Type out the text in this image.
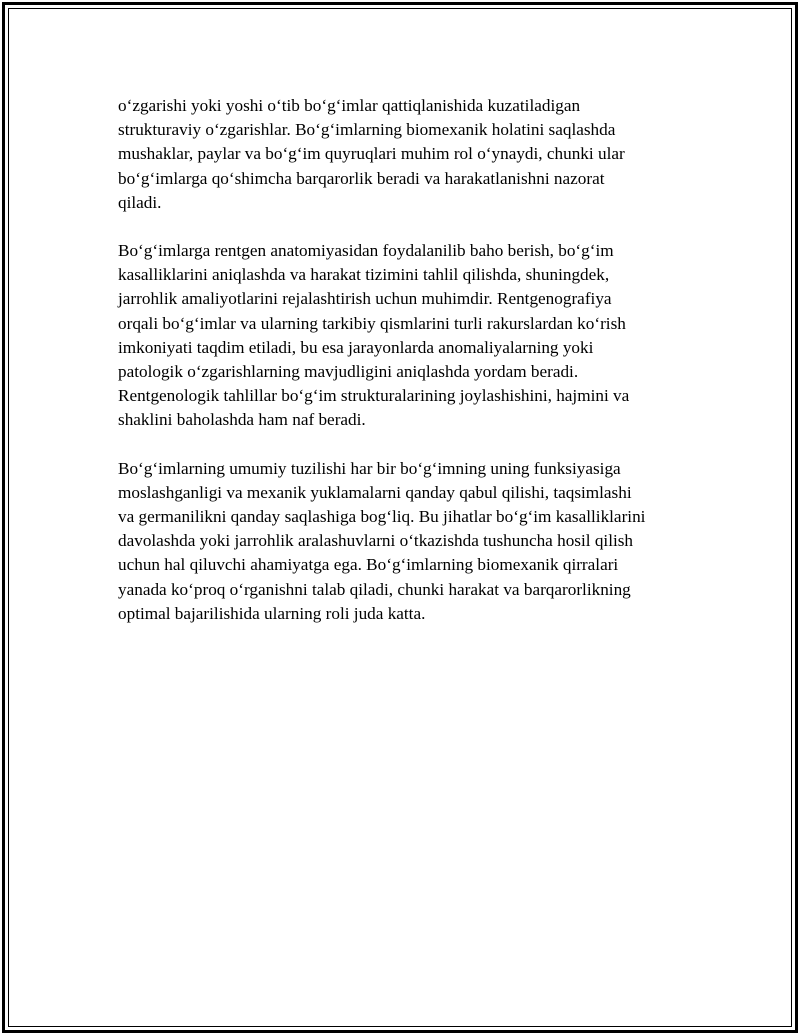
o‘zgarishi yoki yoshi o‘tib bo‘g‘imlar qattiqlanishida kuzatiladigan
strukturaviy o‘zgarishlar. Bo‘g‘imlarning biomexanik holatini saqlashda
mushaklar, paylar va bo‘g‘im quyruqlari muhim rol o‘ynaydi, chunki ular
bo‘g‘imlarga qo‘shimcha barqarorlik beradi va harakatlanishni nazorat
qiladi.

Bo‘g‘imlarga rentgen anatomiyasidan foydalanilib baho berish, bo‘g‘im
kasalliklarini aniqlashda va harakat tizimini tahlil qilishda, shuningdek,
jarrohlik amaliyotlarini rejalashtirish uchun muhimdir. Rentgenografiya
orqali bo‘g‘imlar va ularning tarkibiy qismlarini turli rakurslardan ko‘rish
imkoniyati taqdim etiladi, bu esa jarayonlarda anomaliyalarning yoki
patologik o‘zgarishlarning mavjudligini aniqlashda yordam beradi.
Rentgenologik tahlillar bo‘g‘im strukturalarining joylashishini, hajmini va
shaklini baholashda ham naf beradi.

Bo‘g‘imlarning umumiy tuzilishi har bir bo‘g‘imning uning funksiyasiga
moslashganligi va mexanik yuklamalarni qanday qabul qilishi, taqsimlashi
va germanilikni qanday saqlashiga bog‘liq. Bu jihatlar bo‘g‘im kasalliklarini
davolashda yoki jarrohlik aralashuvlarni o‘tkazishda tushuncha hosil qilish
uchun hal qiluvchi ahamiyatga ega. Bo‘g‘imlarning biomexanik qirralari
yanada ko‘proq o‘rganishni talab qiladi, chunki harakat va barqarorlikning
optimal bajarilishida ularning roli juda katta.
